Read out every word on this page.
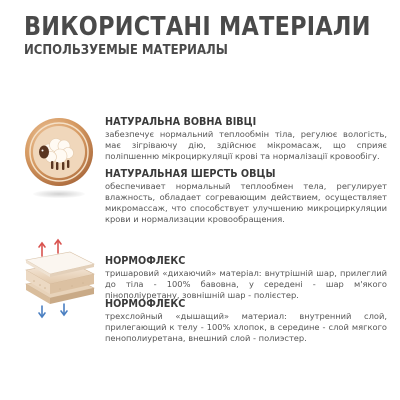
ВИКОРИСТАНІ МАТЕРІАЛИ
ИСПОЛЬЗУЕМЫЕ МАТЕРИАЛЫ
НАТУРАЛЬНА ВОВНА ВІВЦІ

забезпечує нормальний теплообмін тіла, регулює вологість, має зігріваючу дію, здійснює мікромасаж, що сприяє поліпшенню мікроциркуляції крові та нормалізації кровообігу.

НАТУРАЛЬНАЯ ШЕРСТЬ ОВЦЫ

обеспечивает нормальный теплообмен тела, регулирует влажность, обладает согревающим действием, осуществляет микромассаж, что способствует улучшению микроциркуляции крови и нормализации кровообращения.

НОРМОФЛЕКС

тришаровий «дихаючий» матеріал: внутрішній шар, прилеглий до тіла - 100% бавовна, у середені - шар м'якого пінополіуретану, зовнішній шар - полієстер.

НОРМОФЛЕКС

трехслойный «дышащий» материал: внутренний слой, прилегающий к телу - 100% хлопок, в середине - слой мягкого пенополиуретана, внешний слой - полиэстер.
